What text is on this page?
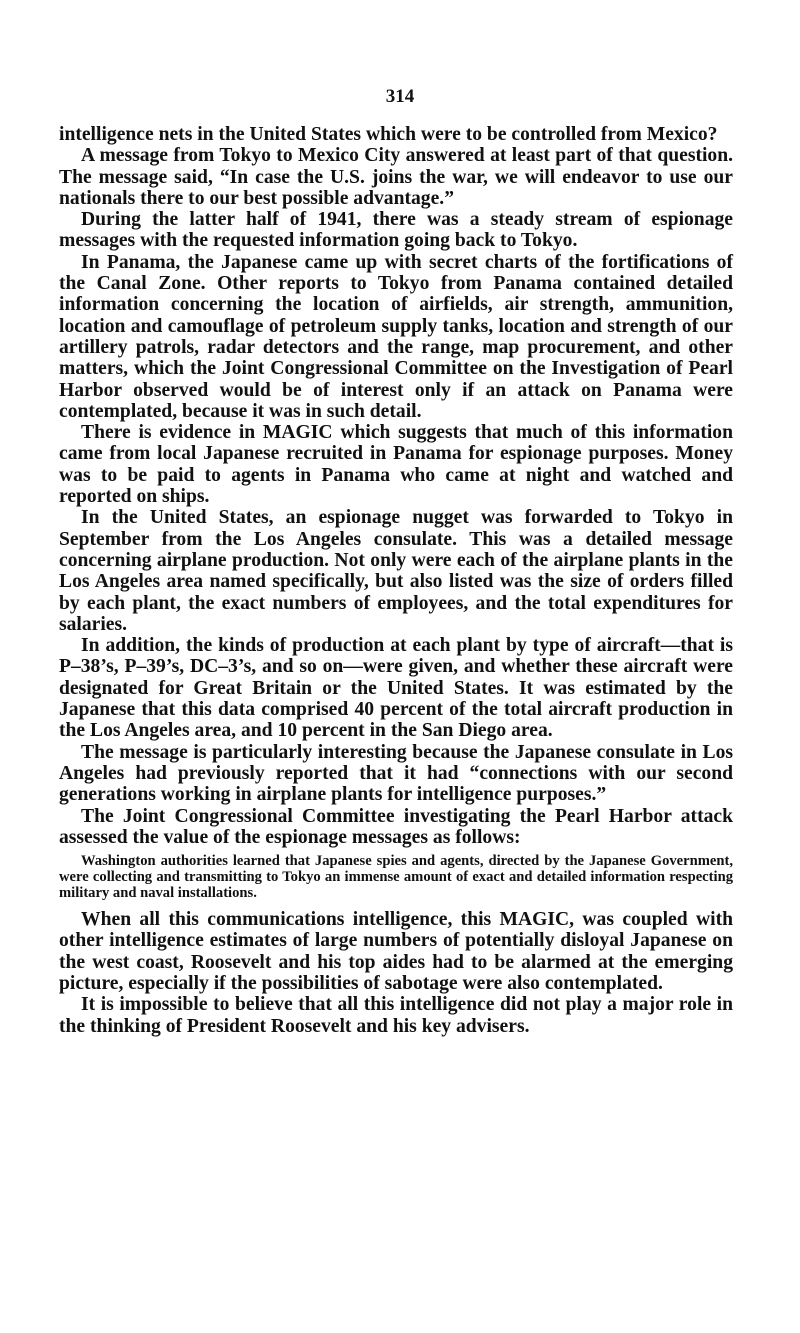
314

intelligence nets in the United States which were to be controlled from Mexico?

A message from Tokyo to Mexico City answered at least part of that question. The message said, “In case the U.S. joins the war, we will endeavor to use our nationals there to our best possible advantage.”

During the latter half of 1941, there was a steady stream of espionage messages with the requested information going back to Tokyo.

In Panama, the Japanese came up with secret charts of the fortifications of the Canal Zone. Other reports to Tokyo from Panama contained detailed information concerning the location of airfields, air strength, ammunition, location and camouflage of petroleum supply tanks, location and strength of our artillery patrols, radar detectors and the range, map procurement, and other matters, which the Joint Congressional Committee on the Investigation of Pearl Harbor observed would be of interest only if an attack on Panama were contemplated, because it was in such detail.

There is evidence in MAGIC which suggests that much of this information came from local Japanese recruited in Panama for espionage purposes. Money was to be paid to agents in Panama who came at night and watched and reported on ships.

In the United States, an espionage nugget was forwarded to Tokyo in September from the Los Angeles consulate. This was a detailed message concerning airplane production. Not only were each of the airplane plants in the Los Angeles area named specifically, but also listed was the size of orders filled by each plant, the exact numbers of employees, and the total expenditures for salaries.

In addition, the kinds of production at each plant by type of aircraft—that is P–38’s, P–39’s, DC–3’s, and so on—were given, and whether these aircraft were designated for Great Britain or the United States. It was estimated by the Japanese that this data comprised 40 percent of the total aircraft production in the Los Angeles area, and 10 percent in the San Diego area.

The message is particularly interesting because the Japanese consulate in Los Angeles had previously reported that it had “connections with our second generations working in airplane plants for intelligence purposes.”

The Joint Congressional Committee investigating the Pearl Harbor attack assessed the value of the espionage messages as follows:

Washington authorities learned that Japanese spies and agents, directed by the Japanese Government, were collecting and transmitting to Tokyo an immense amount of exact and detailed information respecting military and naval installations.

When all this communications intelligence, this MAGIC, was coupled with other intelligence estimates of large numbers of potentially disloyal Japanese on the west coast, Roosevelt and his top aides had to be alarmed at the emerging picture, especially if the possibilities of sabotage were also contemplated.

It is impossible to believe that all this intelligence did not play a major role in the thinking of President Roosevelt and his key advisers.
